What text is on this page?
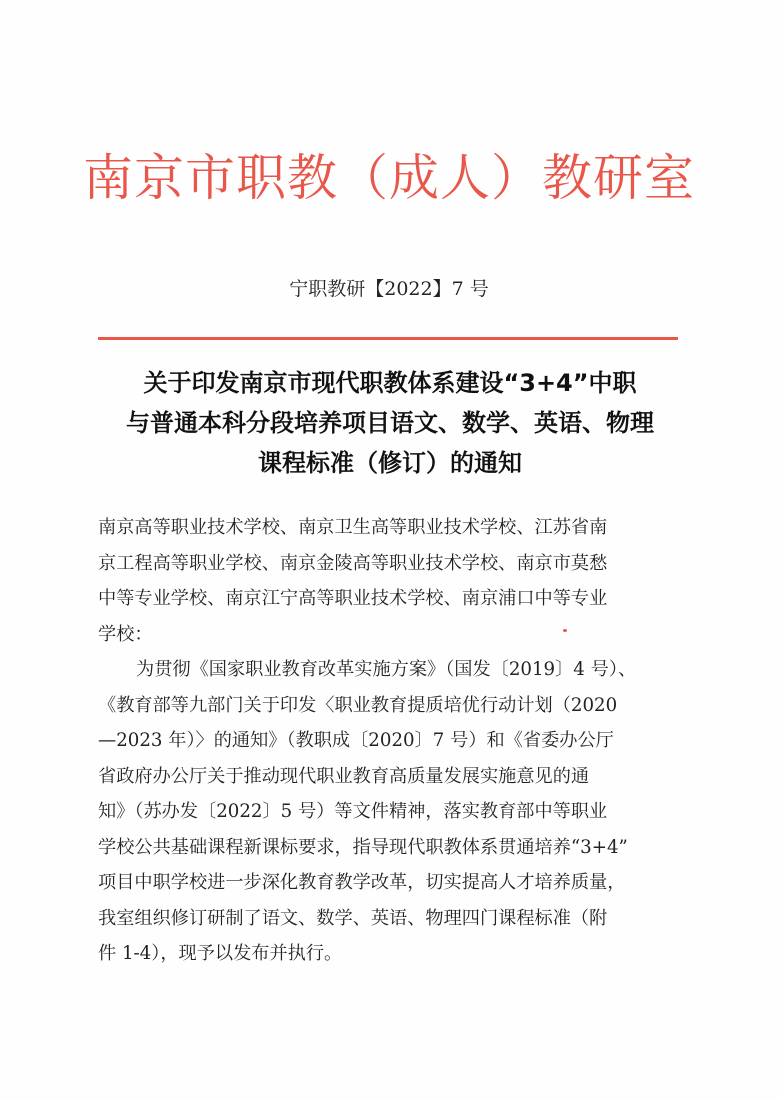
南京市职教（成人）教研室
宁职教研【2022】7 号
关于印发南京市现代职教体系建设“3+4”中职
与普通本科分段培养项目语文、数学、英语、物理
课程标准（修订）的通知
南京高等职业技术学校、南京卫生高等职业技术学校、江苏省南
京工程高等职业学校、南京金陵高等职业技术学校、南京市莫愁
中等专业学校、南京江宁高等职业技术学校、南京浦口中等专业
学校：
为贯彻《国家职业教育改革实施方案》（国发〔2019〕4 号）、
《教育部等九部门关于印发〈职业教育提质培优行动计划（2020
—2023 年）〉的通知》（教职成〔2020〕7 号）和《省委办公厅
省政府办公厅关于推动现代职业教育高质量发展实施意见的通
知》（苏办发〔2022〕5 号）等文件精神，落实教育部中等职业
学校公共基础课程新课标要求，指导现代职教体系贯通培养“3+4”
项目中职学校进一步深化教育教学改革，切实提高人才培养质量，
我室组织修订研制了语文、数学、英语、物理四门课程标准（附
件 1-4），现予以发布并执行。
